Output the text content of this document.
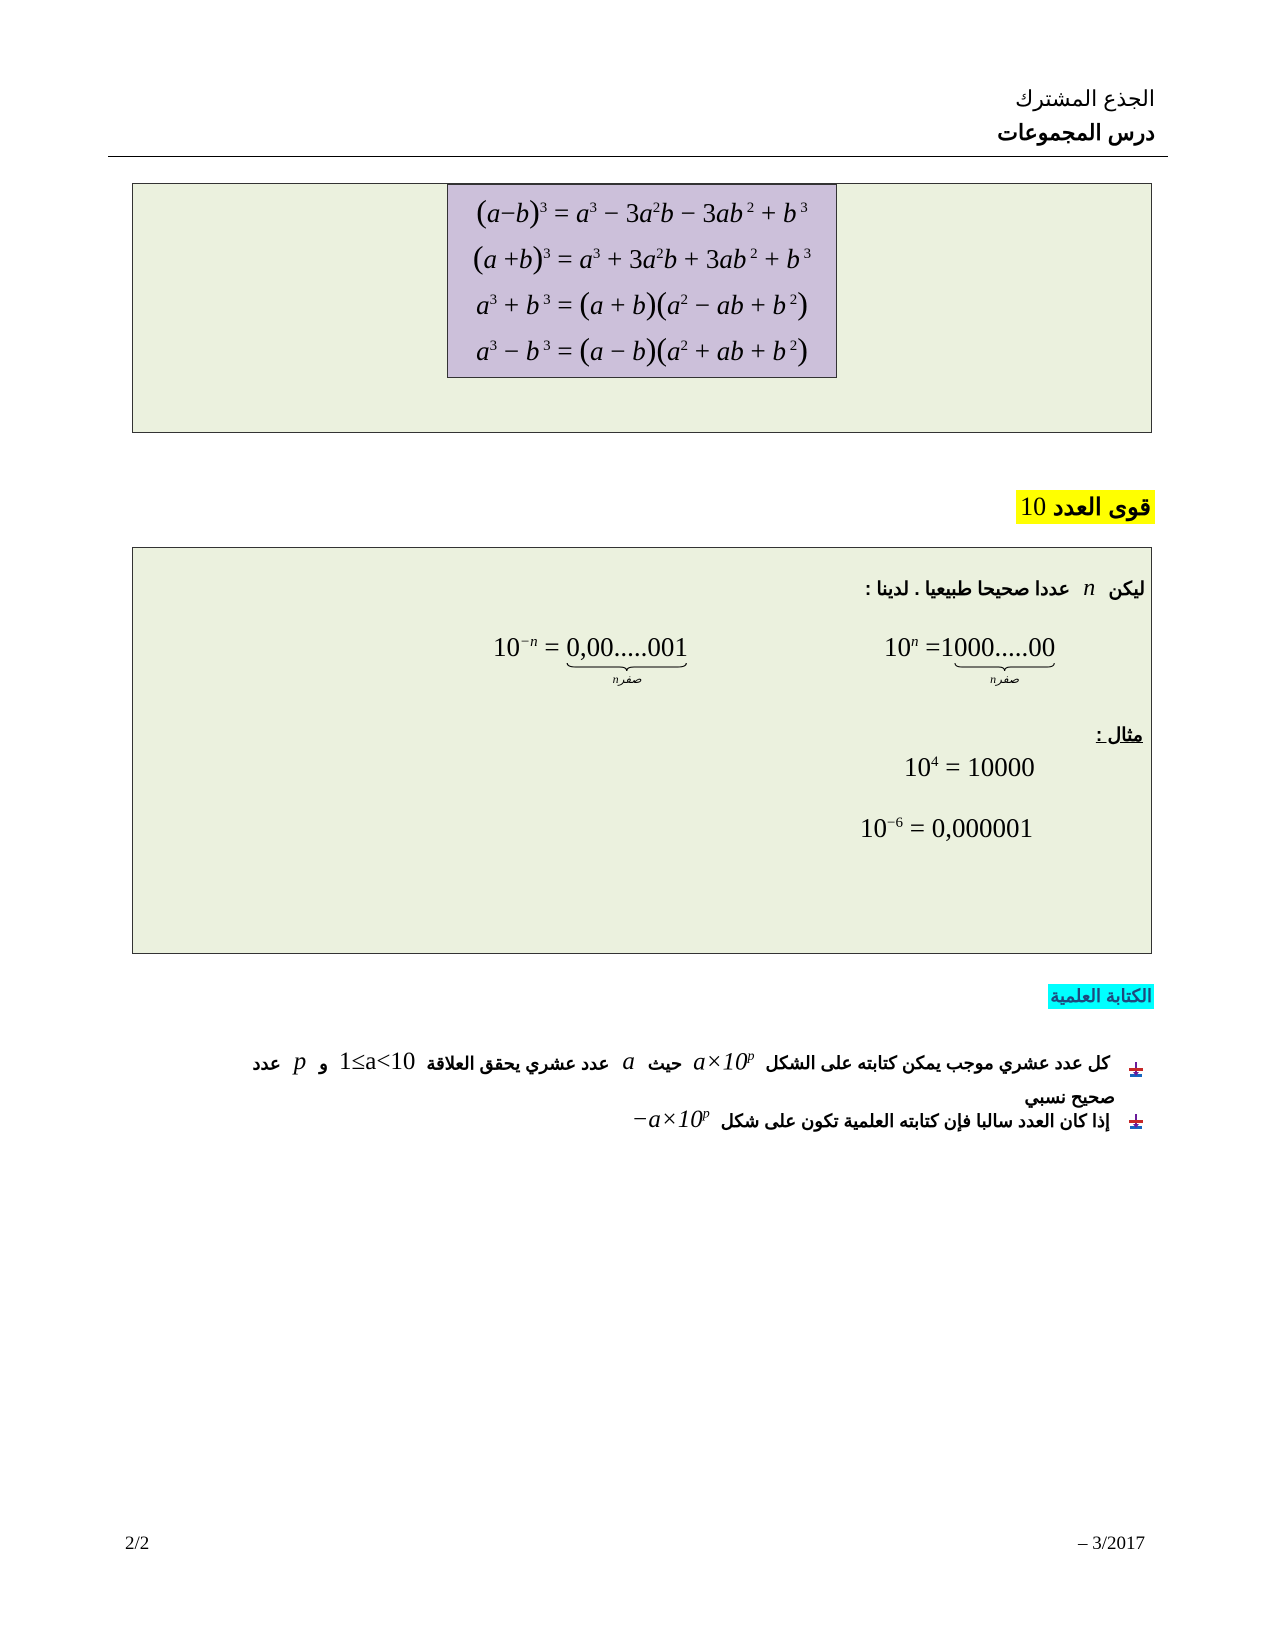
الجذع المشترك
درس المجموعات
$(a-b)^3 = a^3 - 3a^2b - 3ab$ $^2$ + b $^3$
$(a +b)^3 = a^3 + 3a^2b + 3ab$ $^2$ + b $^3$
$a^3 + b$ $^3 = (a + b)(a^2$ − ab + b $^2$)
$a^3 - b$ $^3 = (a - b)(a^2$ + ab + b $^2$)
قوى العدد 10
ليكن n عددا صحيحا طبيعيا . لدينا :
$10^n =1000.....00$
nصفر
$10^{-n} = 0,00.....001$
nصفر
مثال :
$10^4 = 10000$
$10^{-6} = 0,000001$
الكتابة العلمية
كل عدد عشري موجب يمكن كتابته على الشكل $a\times 10^p$ حيث a عدد عشري يحقق العلاقة 1≤a<10 و p عدد
صحيح نسبي
إذا كان العدد سالبا فإن كتابته العلمية تكون على شكل $-a\times 10^p$
2/2	– 3/2017
